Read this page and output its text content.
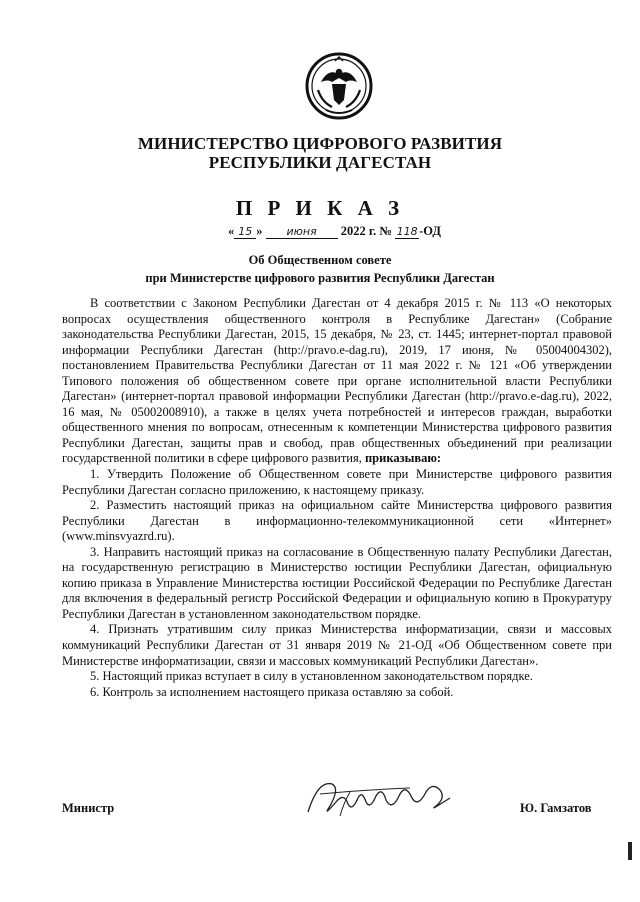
МИНИСТЕРСТВО ЦИФРОВОГО РАЗВИТИЯ
РЕСПУБЛИКИ ДАГЕСТАН
П Р И К А З
« 15 » июня 2022 г. № 118 -ОД
Об Общественном совете
при Министерстве цифрового развития Республики Дагестан

В соответствии с Законом Республики Дагестан от 4 декабря 2015 г. № 113 «О некоторых вопросах осуществления общественного контроля в Республике Дагестан» (Собрание законодательства Республики Дагестан, 2015, 15 декабря, № 23, ст. 1445; интернет-портал правовой информации Республики Дагестан (http://pravo.e-dag.ru), 2019, 17 июня, № 05004004302), постановлением Правительства Республики Дагестан от 11 мая 2022 г. № 121 «Об утверждении Типового положения об общественном совете при органе исполнительной власти Республики Дагестан» (интернет-портал правовой информации Республики Дагестан (http://pravo.e-dag.ru), 2022, 16 мая, № 05002008910), а также в целях учета потребностей и интересов граждан, выработки общественного мнения по вопросам, отнесенным к компетенции Министерства цифрового развития Республики Дагестан, защиты прав и свобод, прав общественных объединений при реализации государственной политики в сфере цифрового развития, приказываю:

1. Утвердить Положение об Общественном совете при Министерстве цифрового развития Республики Дагестан согласно приложению, к настоящему приказу.

2. Разместить настоящий приказ на официальном сайте Министерства цифрового развития Республики Дагестан в информационно-телекоммуникационной сети «Интернет» (www.minsvyazrd.ru).

3. Направить настоящий приказ на согласование в Общественную палату Республики Дагестан, на государственную регистрацию в Министерство юстиции Республики Дагестан, официальную копию приказа в Управление Министерства юстиции Российской Федерации по Республике Дагестан для включения в федеральный регистр Российской Федерации и официальную копию в Прокуратуру Республики Дагестан в установленном законодательством порядке.

4. Признать утратившим силу приказ Министерства информатизации, связи и массовых коммуникаций Республики Дагестан от 31 января 2019 № 21-ОД «Об Общественном совете при Министерстве информатизации, связи и массовых коммуникаций Республики Дагестан».

5. Настоящий приказ вступает в силу в установленном законодательством порядке.

6. Контроль за исполнением настоящего приказа оставляю за собой.

Министр	Ю. Гамзатов
